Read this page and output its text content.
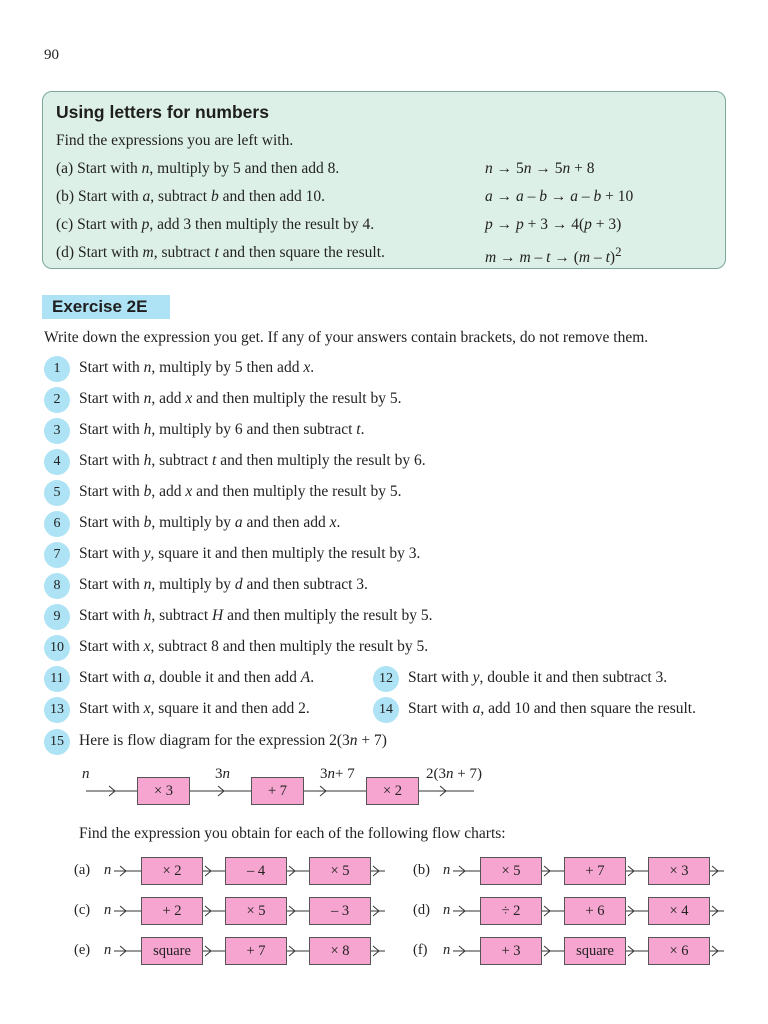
90
Using letters for numbers
Find the expressions you are left with.
(a) Start with n, multiply by 5 and then add 8.	n → 5n → 5n + 8
(b) Start with a, subtract b and then add 10.	a → a – b → a – b + 10
(c) Start with p, add 3 then multiply the result by 4.	p → p + 3 → 4(p + 3)
(d) Start with m, subtract t and then square the result.	m → m – t → (m – t)$^2$
Exercise 2E
Write down the expression you get. If any of your answers contain brackets, do not remove them.
1	Start with n, multiply by 5 then add x.
2	Start with n, add x and then multiply the result by 5.
3	Start with h, multiply by 6 and then subtract t.
4	Start with h, subtract t and then multiply the result by 6.
5	Start with b, add x and then multiply the result by 5.
6	Start with b, multiply by a and then add x.
7	Start with y, square it and then multiply the result by 3.
8	Start with n, multiply by d and then subtract 3.
9	Start with h, subtract H and then multiply the result by 5.
10 Start with x, subtract 8 and then multiply the result by 5.
11 Start with a, double it and then add A.	12 Start with y, double it and then subtract 3.
13 Start with x, square it and then add 2.	14 Start with a, add 10 and then square the result.
15 Here is flow diagram for the expression 2(3n + 7)
n	3n	3n+ 7	2(3n + 7)
× 3	+ 7	× 2
Find the expression you obtain for each of the following flow charts:
(a) n	× 2	– 4	× 5	(b) n	× 5	+ 7	× 3
(c) n	+ 2	× 5	– 3	(d) n	÷ 2	+ 6	× 4
(e) n	square	+ 7	× 8	(f) n	+ 3	square	× 6
